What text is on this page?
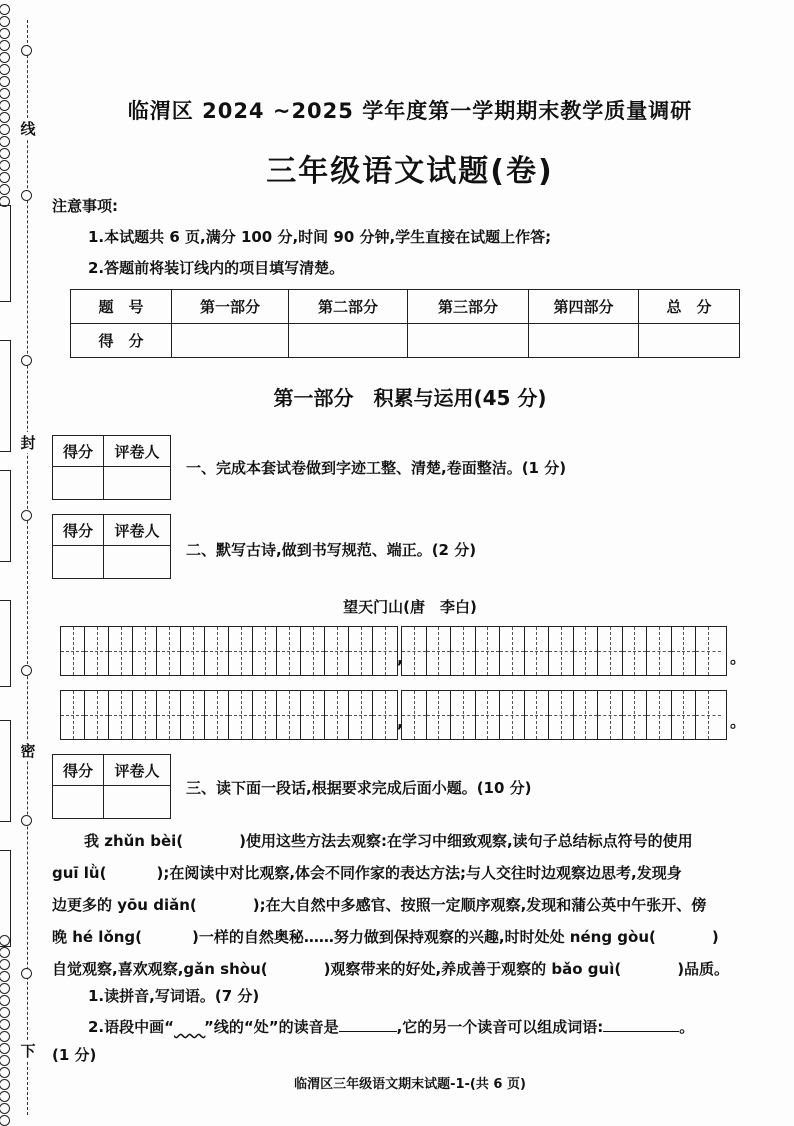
线
封
密
下
临渭区 2024 ~2025 学年度第一学期期末教学质量调研
三年级语文试题(卷)
注意事项:
1.本试题共 6 页,满分 100 分,时间 90 分钟,学生直接在试题上作答;
2.答题前将装订线内的项目填写清楚。
题　号	第一部分	第二部分	第三部分	第四部分	总　分
得　分					
第一部分　积累与运用(45 分)
得分	评卷人

一、完成本套试卷做到字迹工整、清楚,卷面整洁。(1 分)
得分	评卷人

二、默写古诗,做到书写规范、端正。(2 分)
望天门山(唐　李白)
,	。
,	。
得分	评卷人

三、读下面一段话,根据要求完成后面小题。(10 分)
我 zhǔn bèi(	)使用这些方法去观察:在学习中细致观察,读句子总结标点符号的使用
guī lǜ(	);在阅读中对比观察,体会不同作家的表达方法;与人交往时边观察边思考,发现身
边更多的 yōu diǎn(	);在大自然中多感官、按照一定顺序观察,发现和蒲公英中午张开、傍
晚 hé lǒng(	)一样的自然奥秘……努力做到保持观察的兴趣,时时处处 néng gòu(	)
自觉观察,喜欢观察,gǎn shòu(	)观察带来的好处,养成善于观察的 bǎo guì(	)品质。
1.读拼音,写词语。(7 分)
2.语段中画“ ”线的“处”的读音是	,它的另一个读音可以组成词语:	。
(1 分)
临渭区三年级语文期末试题-1-(共 6 页)
